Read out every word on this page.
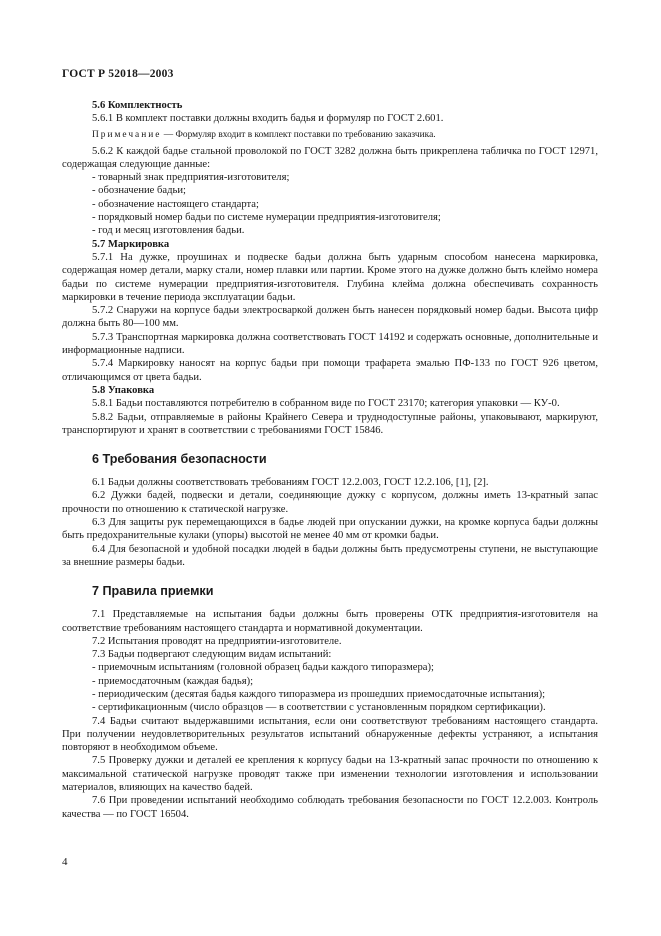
ГОСТ Р 52018—2003

5.6 Комплектность

5.6.1 В комплект поставки должны входить бадья и формуляр по ГОСТ 2.601.

Примечание — Формуляр входит в комплект поставки по требованию заказчика.

5.6.2 К каждой бадье стальной проволокой по ГОСТ 3282 должна быть прикреплена табличка по ГОСТ 12971, содержащая следующие данные:

- товарный знак предприятия-изготовителя;

- обозначение бадьи;

- обозначение настоящего стандарта;

- порядковый номер бадьи по системе нумерации предприятия-изготовителя;

- год и месяц изготовления бадьи.

5.7 Маркировка

5.7.1 На дужке, проушинах и подвеске бадьи должна быть ударным способом нанесена маркировка, содержащая номер детали, марку стали, номер плавки или партии. Кроме этого на дужке должно быть клеймо номера бадьи по системе нумерации предприятия-изготовителя. Глубина клейма должна обеспечивать сохранность маркировки в течение периода эксплуатации бадьи.

5.7.2 Снаружи на корпусе бадьи электросваркой должен быть нанесен порядковый номер бадьи. Высота цифр должна быть 80—100 мм.

5.7.3 Транспортная маркировка должна соответствовать ГОСТ 14192 и содержать основные, дополнительные и информационные надписи.

5.7.4 Маркировку наносят на корпус бадьи при помощи трафарета эмалью ПФ-133 по ГОСТ 926 цветом, отличающимся от цвета бадьи.

5.8 Упаковка

5.8.1 Бадьи поставляются потребителю в собранном виде по ГОСТ 23170; категория упаковки — КУ-0.

5.8.2 Бадьи, отправляемые в районы Крайнего Севера и труднодоступные районы, упаковывают, маркируют, транспортируют и хранят в соответствии с требованиями ГОСТ 15846.

6 Требования безопасности

6.1 Бадьи должны соответствовать требованиям ГОСТ 12.2.003, ГОСТ 12.2.106, [1], [2].

6.2 Дужки бадей, подвески и детали, соединяющие дужку с корпусом, должны иметь 13-кратный запас прочности по отношению к статической нагрузке.

6.3 Для защиты рук перемещающихся в бадье людей при опускании дужки, на кромке корпуса бадьи должны быть предохранительные кулаки (упоры) высотой не менее 40 мм от кромки бадьи.

6.4 Для безопасной и удобной посадки людей в бадьи должны быть предусмотрены ступени, не выступающие за внешние размеры бадьи.

7 Правила приемки

7.1 Представляемые на испытания бадьи должны быть проверены ОТК предприятия-изготовителя на соответствие требованиям настоящего стандарта и нормативной документации.

7.2 Испытания проводят на предприятии-изготовителе.

7.3 Бадьи подвергают следующим видам испытаний:

- приемочным испытаниям (головной образец бадьи каждого типоразмера);

- приемосдаточным (каждая бадья);

- периодическим (десятая бадья каждого типоразмера из прошедших приемосдаточные испытания);

- сертификационным (число образцов — в соответствии с установленным порядком сертификации).

7.4 Бадьи считают выдержавшими испытания, если они соответствуют требованиям настоящего стандарта. При получении неудовлетворительных результатов испытаний обнаруженные дефекты устраняют, а испытания повторяют в необходимом объеме.

7.5 Проверку дужки и деталей ее крепления к корпусу бадьи на 13-кратный запас прочности по отношению к максимальной статической нагрузке проводят также при изменении технологии изготовления и использовании материалов, влияющих на качество бадей.

7.6 При проведении испытаний необходимо соблюдать требования безопасности по ГОСТ 12.2.003. Контроль качества — по ГОСТ 16504.

4
